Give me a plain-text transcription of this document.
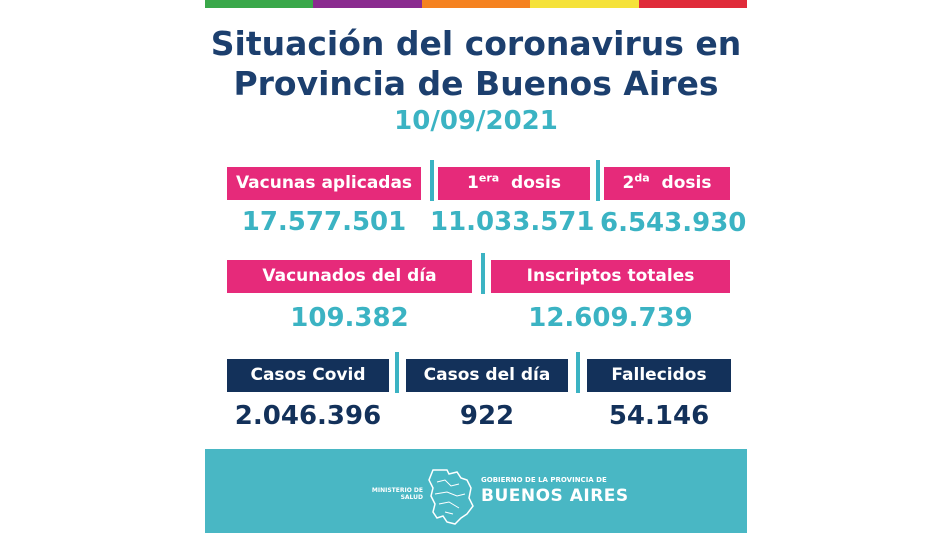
Situación del coronavirus en
Provincia de Buenos Aires
10/09/2021
Vacunas aplicadas	$1^{era}$ dosis	$2^{da}$ dosis
17.577.501 11.033.571 6.543.930
Vacunados del día	Inscriptos totales
109.382	12.609.739
Casos Covid	Casos del día	Fallecidos
2.046.396	922	54.146
MINISTERIO DE
SALUD
GOBIERNO DE LA PROVINCIA DE
BUENOS AIRES
